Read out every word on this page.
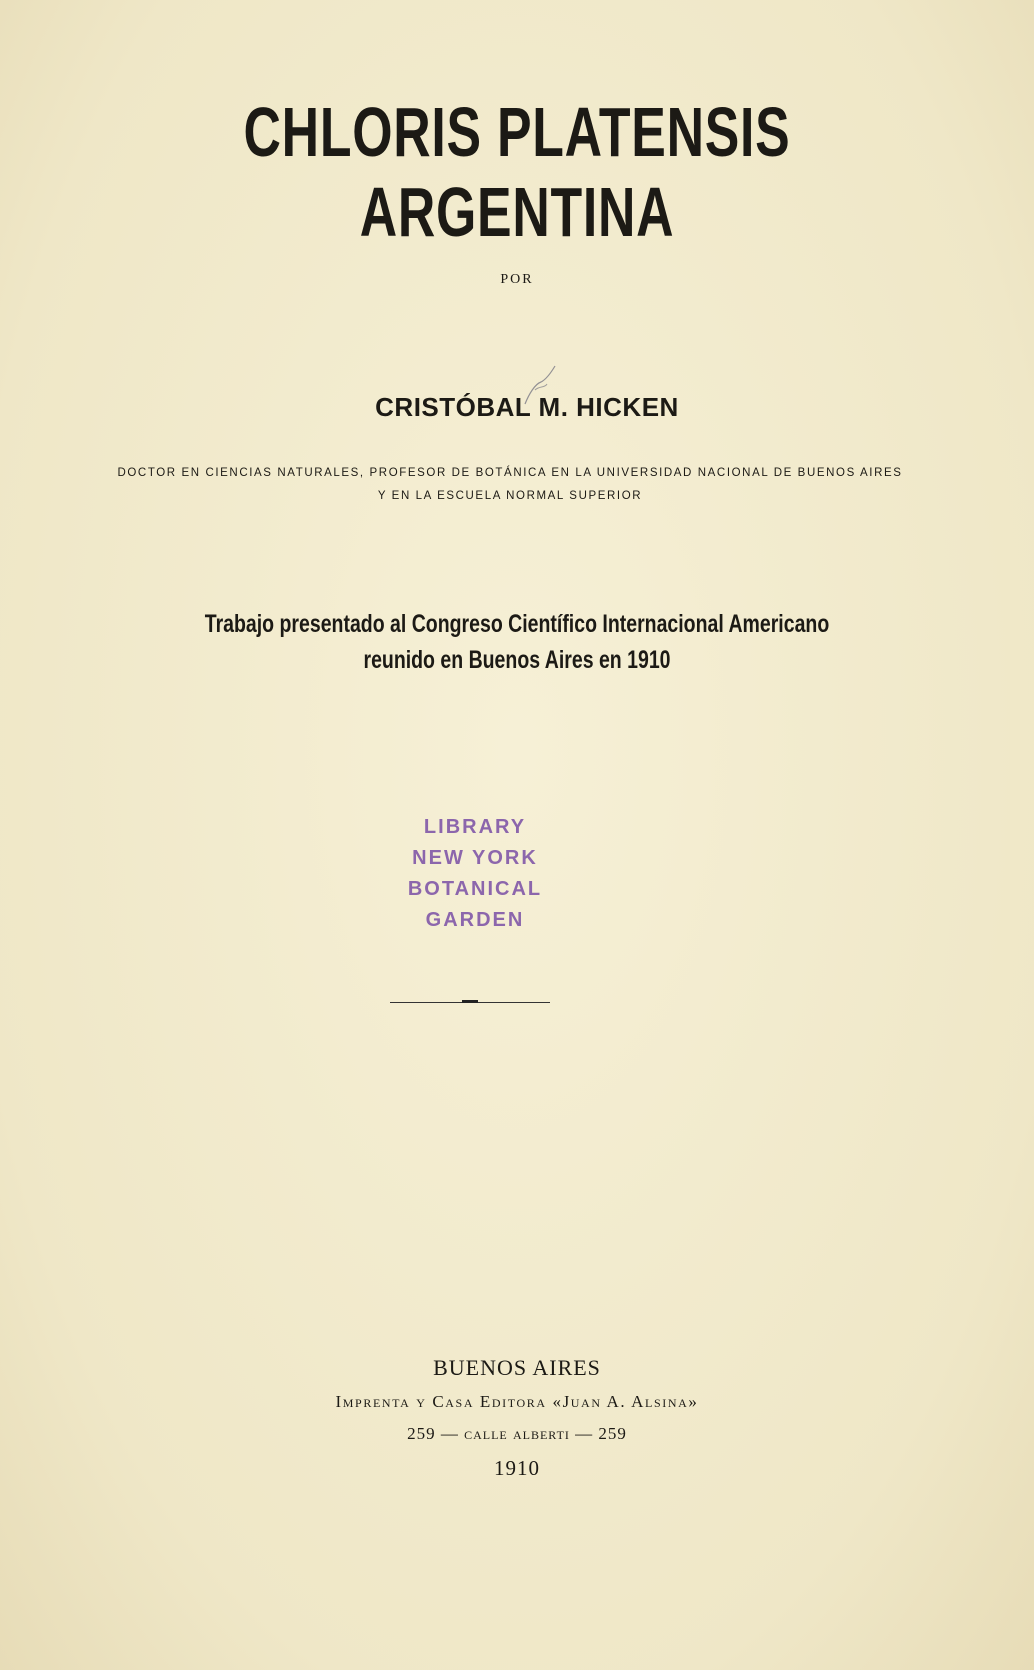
CHLORIS PLATENSIS ARGENTINA
POR
CRISTÓBAL M. HICKEN
DOCTOR EN CIENCIAS NATURALES, PROFESOR DE BOTÁNICA EN LA UNIVERSIDAD NACIONAL DE BUENOS AIRES
Y EN LA ESCUELA NORMAL SUPERIOR
Trabajo presentado al Congreso Científico Internacional Americano
reunido en Buenos Aires en 1910
LIBRARY
NEW YORK
BOTANICAL
GARDEN
BUENOS AIRES
Imprenta y Casa Editora «Juan A. Alsina»
259 — calle alberti — 259
1910
